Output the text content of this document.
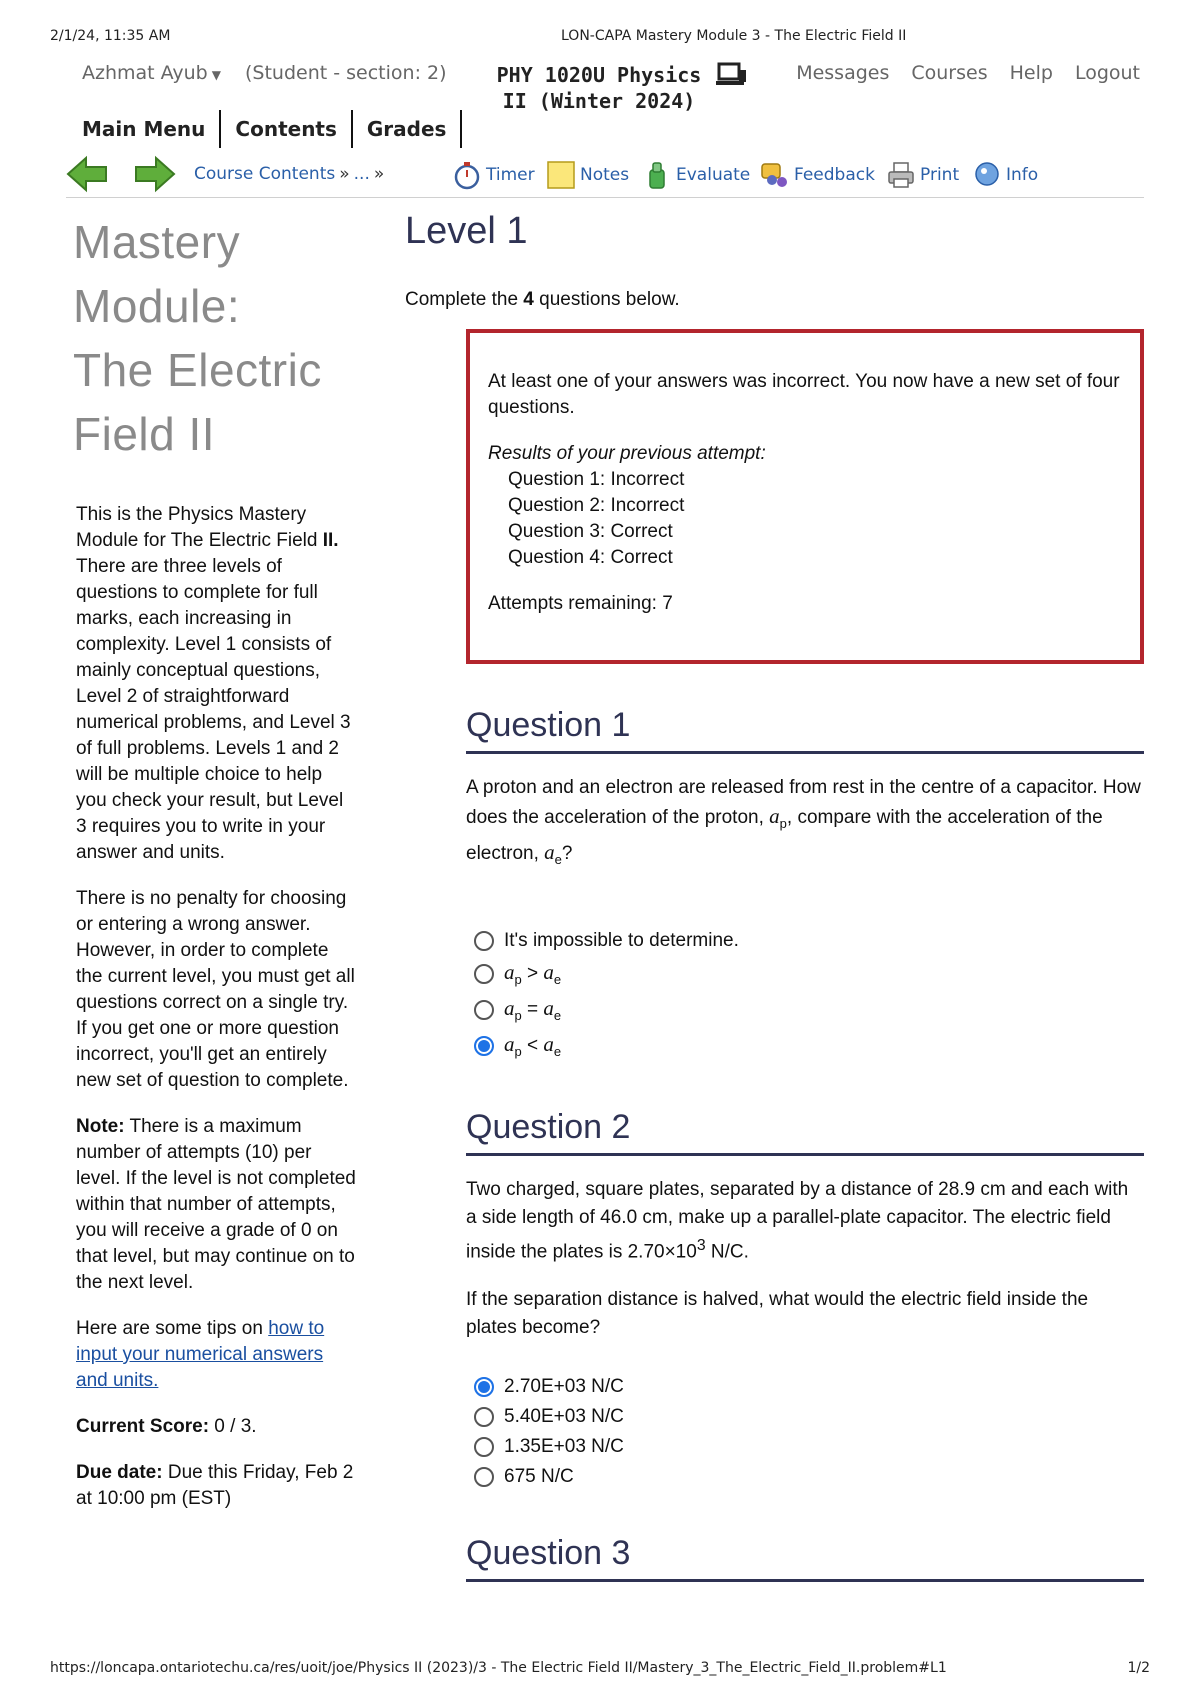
2/1/24, 11:35 AM	LON-CAPA Mastery Module 3 - The Electric Field II
Azhmat Ayub ▼ (Student - section: 2)	PHY 1020U Physics II (Winter 2024)
Messages Courses Help Logout
Main Menu	Contents	Grades
Course Contents » ... »	Timer	Notes	Evaluate	Feedback	Print	Info
Mastery
Module:
The Electric
Field II

This is the Physics Mastery Module for The Electric Field II. There are three levels of questions to complete for full marks, each increasing in complexity. Level 1 consists of mainly conceptual questions, Level 2 of straightforward numerical problems, and Level 3 of full problems. Levels 1 and 2 will be multiple choice to help you check your result, but Level 3 requires you to write in your answer and units.

There is no penalty for choosing or entering a wrong answer. However, in order to complete the current level, you must get all questions correct on a single try. If you get one or more question incorrect, you'll get an entirely new set of question to complete.

Note: There is a maximum number of attempts (10) per level. If the level is not completed within that number of attempts, you will receive a grade of 0 on that level, but may continue on to the next level.

Here are some tips on how to input your numerical answers and units.

Current Score: 0 / 3.

Due date: Due this Friday, Feb 2 at 10:00 pm (EST)

Level 1
Complete the 4 questions below.
At least one of your answers was incorrect. You now have a new set of four questions.
Results of your previous attempt:
Question 1: Incorrect
Question 2: Incorrect
Question 3: Correct
Question 4: Correct
Attempts remaining: 7
Question 1
A proton and an electron are released from rest in the centre of a capacitor. How does the acceleration of the proton, $a_p$, compare with the acceleration of the electron, $a_e$?
It's impossible to determine.
$a_p > a_e$
$a_p = a_e$
$a_p < a_e$
Question 2

Two charged, square plates, separated by a distance of 28.9 cm and each with a side length of 46.0 cm, make up a parallel-plate capacitor. The electric field inside the plates is $2.70\times 10^3$ N/C.

If the separation distance is halved, what would the electric field inside the plates become?

2.70E+03 N/C
5.40E+03 N/C
1.35E+03 N/C
675 N/C
Question 3
https://loncapa.ontariotechu.ca/res/uoit/joe/Physics II (2023)/3 - The Electric Field II/Mastery_3_The_Electric_Field_II.problem#L1	1/2
